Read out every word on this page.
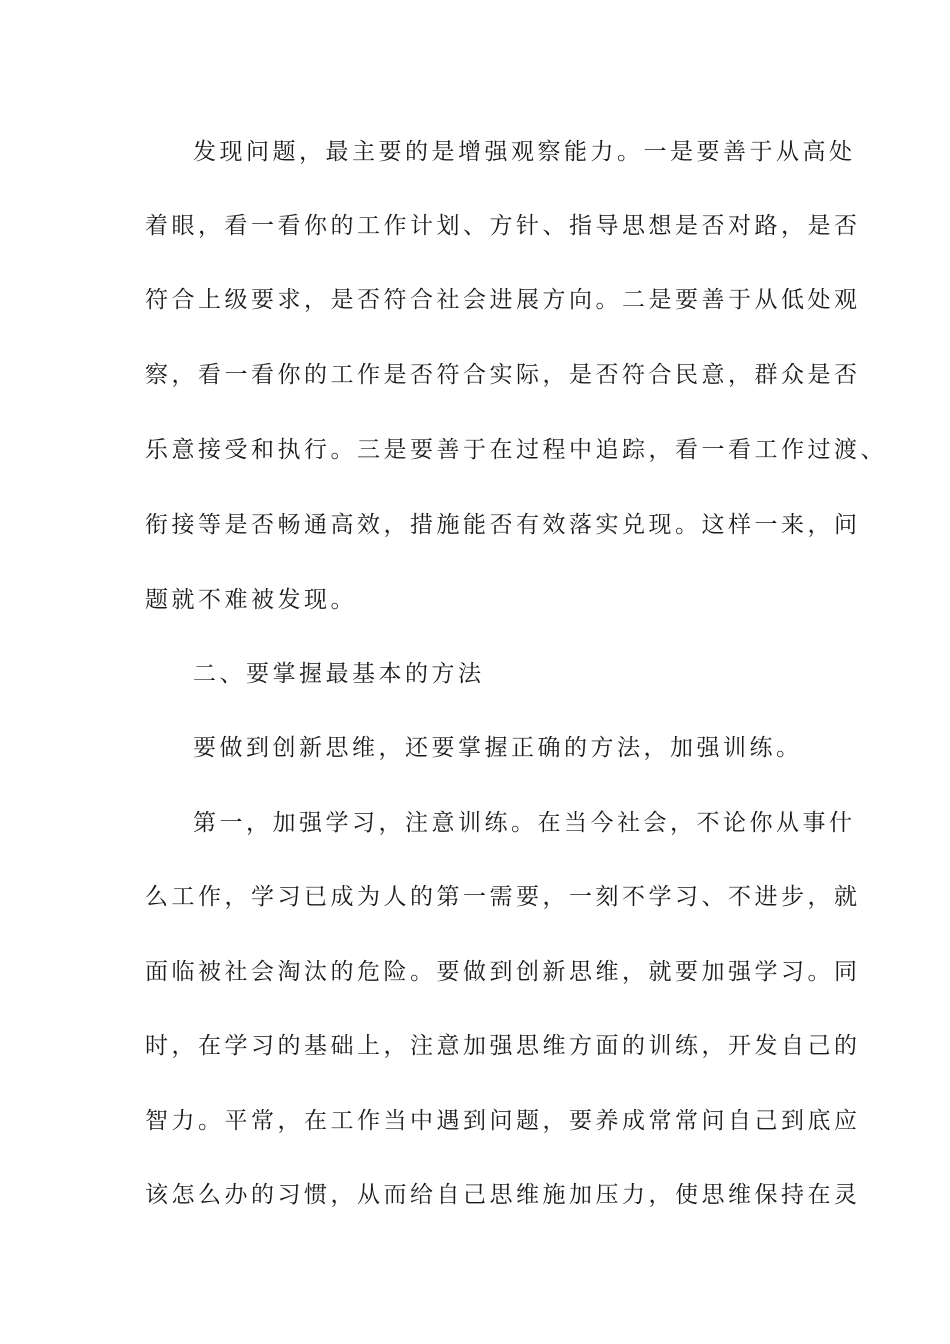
发现问题，最主要的是增强观察能力。一是要善于从高处
着眼，看一看你的工作计划、方针、指导思想是否对路，是否
符合上级要求，是否符合社会进展方向。二是要善于从低处观
察，看一看你的工作是否符合实际，是否符合民意，群众是否
乐意接受和执行。三是要善于在过程中追踪，看一看工作过渡、
衔接等是否畅通高效，措施能否有效落实兑现。这样一来，问
题就不难被发现。
二、要掌握最基本的方法
要做到创新思维，还要掌握正确的方法，加强训练。
第一，加强学习，注意训练。在当今社会，不论你从事什
么工作，学习已成为人的第一需要，一刻不学习、不进步，就
面临被社会淘汰的危险。要做到创新思维，就要加强学习。同
时，在学习的基础上，注意加强思维方面的训练，开发自己的
智力。平常，在工作当中遇到问题，要养成常常问自己到底应
该怎么办的习惯，从而给自己思维施加压力，使思维保持在灵
